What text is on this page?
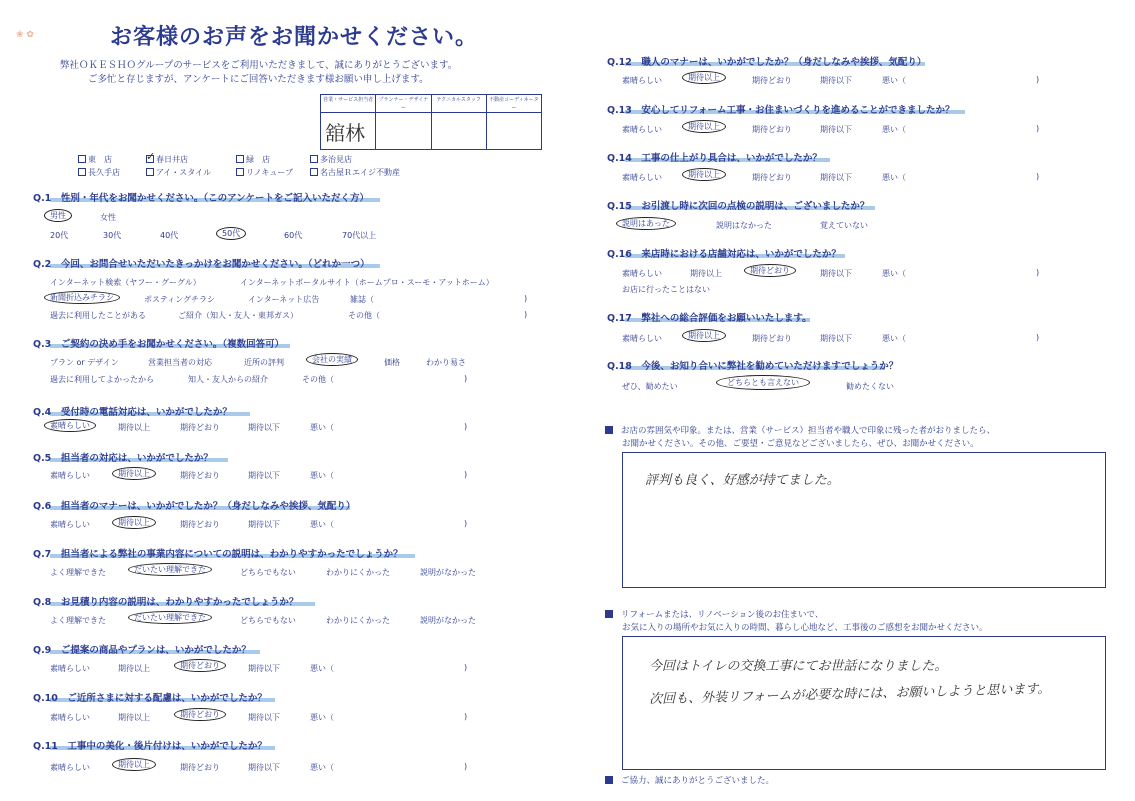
❀ ✿	お客様のお声をお聞かせください。
弊社ＯＫＥＳＨＯグループのサービスをご利用いただきまして、誠にありがとうございます。
ご多忙と存じますが、アンケートにご回答いただきます様お願い申し上げます。
営業・サービス担当者
舘林
プランナー・デザイナー
テクニカルスタッフ	不動産コーディネーター
東　店
✓	春日井店	緑　店	多治見店
長久手店	アイ・スタイル	リノキューブ	名古屋Ｒエイジ不動産
Q.1　 性別・年代をお聞かせください。（このアンケートをご記入いただく方）
男性	女性
20代	30代	40代	50代	60代	70代以上
Q.2　 今回、お問合せいただいたきっかけをお聞かせください。（どれか一つ）
インターネット検索（ヤフー・グーグル）	インターネットポータルサイト（ホームプロ・スーモ・アットホーム）
新聞折込みチラシ	ポスティングチラシ	インターネット広告	雑誌（	)
過去に利用したことがある	ご紹介（知人・友人・東邦ガス）	その他（	)
Q.3　 ご契約の決め手をお聞かせください。（複数回答可）
プラン or デザイン	営業担当者の対応	近所の評判	会社の実績	価格	わかり易さ
過去に利用してよかったから	知人・友人からの紹介	その他（	)
Q.4　 受付時の電話対応は、いかがでしたか？
素晴らしい	期待以上	期待どおり	期待以下	悪い（	)
Q.5　 担当者の対応は、いかがでしたか？
素晴らしい	期待以上	期待どおり	期待以下	悪い（	)
Q.6　 担当者のマナーは、いかがでしたか？（身だしなみや挨拶、気配り）
素晴らしい	期待以上	期待どおり	期待以下	悪い（	)
Q.7　 担当者による弊社の事業内容についての説明は、わかりやすかったでしょうか？
よく理解できた	だいたい理解できた	どちらでもない	わかりにくかった	説明がなかった
Q.8　 お見積り内容の説明は、わかりやすかったでしょうか？
よく理解できた	だいたい理解できた	どちらでもない	わかりにくかった	説明がなかった
Q.9　 ご提案の商品やプランは、いかがでしたか？
素晴らしい	期待以上	期待どおり	期待以下	悪い（	)
Q.10　 ご近所さまに対する配慮は、いかがでしたか？
素晴らしい	期待以上	期待どおり	期待以下	悪い（	)
Q.11　 工事中の美化・後片付けは、いかがでしたか？
素晴らしい	期待以上	期待どおり	期待以下	悪い（	)
Q.12　 職人のマナーは、いかがでしたか？（身だしなみや挨拶、気配り）
素晴らしい	期待以上	期待どおり	期待以下	悪い（	)
Q.13　 安心してリフォーム工事・お住まいづくりを進めることができましたか？
素晴らしい	期待以上	期待どおり	期待以下	悪い（	)
Q.14　 工事の仕上がり具合は、いかがでしたか？
素晴らしい	期待以上	期待どおり	期待以下	悪い（	)
Q.15　 お引渡し時に次回の点検の説明は、ございましたか？
説明はあった	説明はなかった	覚えていない
Q.16　 来店時における店舗対応は、いかがでしたか？
素晴らしい	期待以上	期待どおり	期待以下	悪い（	)
お店に行ったことはない
Q.17　 弊社への総合評価をお願いいたします。
素晴らしい	期待以上	期待どおり	期待以下	悪い（	)
Q.18　 今後、お知り合いに弊社を勧めていただけますでしょうか？
ぜひ、勧めたい	どちらとも言えない	勧めたくない
お店の雰囲気や印象。または、営業（サービス）担当者や職人で印象に残った者がおりましたら、
お聞かせください。その他、ご要望・ご意見などございましたら、ぜひ、お聞かせください。
評判も良く、好感が持てました。
リフォームまたは、リノベーション後のお住まいで、
お気に入りの場所やお気に入りの時間、暮らし心地など、工事後のご感想をお聞かせください。
今回はトイレの交換工事にてお世話になりました。
次回も、外装リフォームが必要な時には、お願いしようと思います。
ご協力、誠にありがとうございました。
